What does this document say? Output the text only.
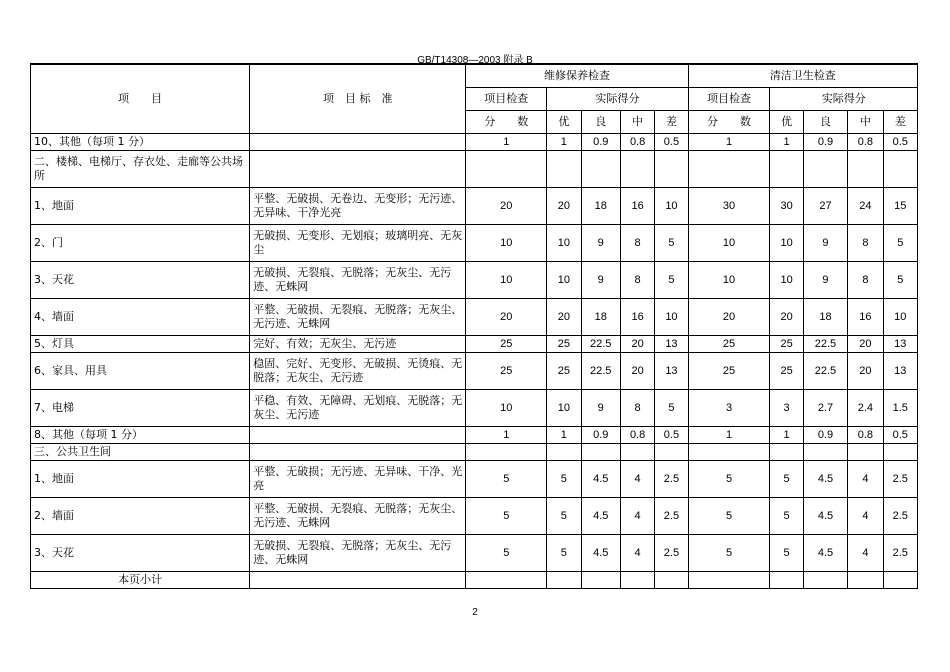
GB/T14308—2003 附录 B
项　　目	项　目 标　准	维修保养检查					清洁卫生检查				
		项目检查	实际得分				项目检查	实际得分			
		分　　数	优	良	中	差	分　　数	优	良	中	差
10、其他（每项 1 分）		1	1	0.9	0.8	0.5	1	1	0.9	0.8	0.5
二、楼梯、电梯厅、存衣处、走廊等公共场所											
1、地面	平整、无破损、无卷边、无变形；无污迹、无异味、干净光亮	20	20	18	16	10	30	30	27	24	15
2、门	无破损、无变形、无划痕；玻璃明亮、无灰尘	10	10	9	8	5	10	10	9	8	5
3、天花	无破损、无裂痕、无脱落；无灰尘、无污迹、无蛛网	10	10	9	8	5	10	10	9	8	5
4、墙面	平整、无破损、无裂痕、无脱落；无灰尘、无污迹、无蛛网	20	20	18	16	10	20	20	18	16	10
5、灯具	完好、有效；无灰尘、无污迹	25	25	22.5	20	13	25	25	22.5	20	13
6、家具、用具	稳固、完好、无变形、无破损、无烫痕、无脱落；无灰尘、无污迹	25	25	22.5	20	13	25	25	22.5	20	13
7、电梯	平稳、有效、无障碍、无划痕、无脱落；无灰尘、无污迹	10	10	9	8	5	3	3	2.7	2.4	1.5
8、其他（每项 1 分）		1	1	0.9	0.8	0.5	1	1	0.9	0.8	0.5
三、公共卫生间											
1、地面	平整、无破损；无污迹、无异味、干净、光亮	5	5	4.5	4	2.5	5	5	4.5	4	2.5
2、墙面	平整、无破损、无裂痕、无脱落；无灰尘、无污迹、无蛛网	5	5	4.5	4	2.5	5	5	4.5	4	2.5
3、天花	无破损、无裂痕、无脱落；无灰尘、无污迹、无蛛网	5	5	4.5	4	2.5	5	5	4.5	4	2.5
本页小计											
2
